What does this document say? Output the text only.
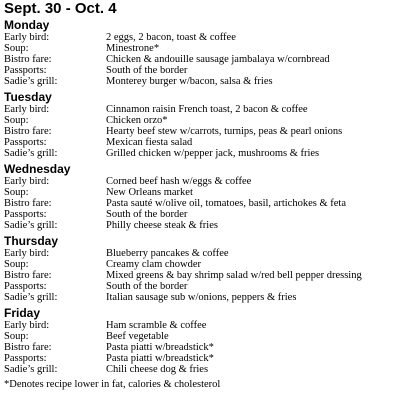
Sept. 30 - Oct. 4
Monday
Early bird:	2 eggs, 2 bacon, toast & coffee
Soup:	Minestrone*
Bistro fare:	Chicken & andouille sausage jambalaya w/cornbread
Passports:	South of the border
Sadie’s grill:	Monterey burger w/bacon, salsa & fries
Tuesday
Early bird:	Cinnamon raisin French toast, 2 bacon & coffee
Soup:	Chicken orzo*
Bistro fare:	Hearty beef stew w/carrots, turnips, peas & pearl onions
Passports:	Mexican fiesta salad
Sadie’s grill:	Grilled chicken w/pepper jack, mushrooms & fries
Wednesday
Early bird:	Corned beef hash w/eggs & coffee
Soup:	New Orleans market
Bistro fare:	Pasta sauté w/olive oil, tomatoes, basil, artichokes & feta
Passports:	South of the border
Sadie’s grill:	Philly cheese steak & fries
Thursday
Early bird:	Blueberry pancakes & coffee
Soup:	Creamy clam chowder
Bistro fare:	Mixed greens & bay shrimp salad w/red bell pepper dressing
Passports:	South of the border
Sadie’s grill:	Italian sausage sub w/onions, peppers & fries
Friday
Early bird:	Ham scramble & coffee
Soup:	Beef vegetable
Bistro fare:	Pasta piatti w/breadstick*
Passports:	Pasta piatti w/breadstick*
Sadie’s grill:	Chili cheese dog & fries
*Denotes recipe lower in fat, calories & cholesterol
